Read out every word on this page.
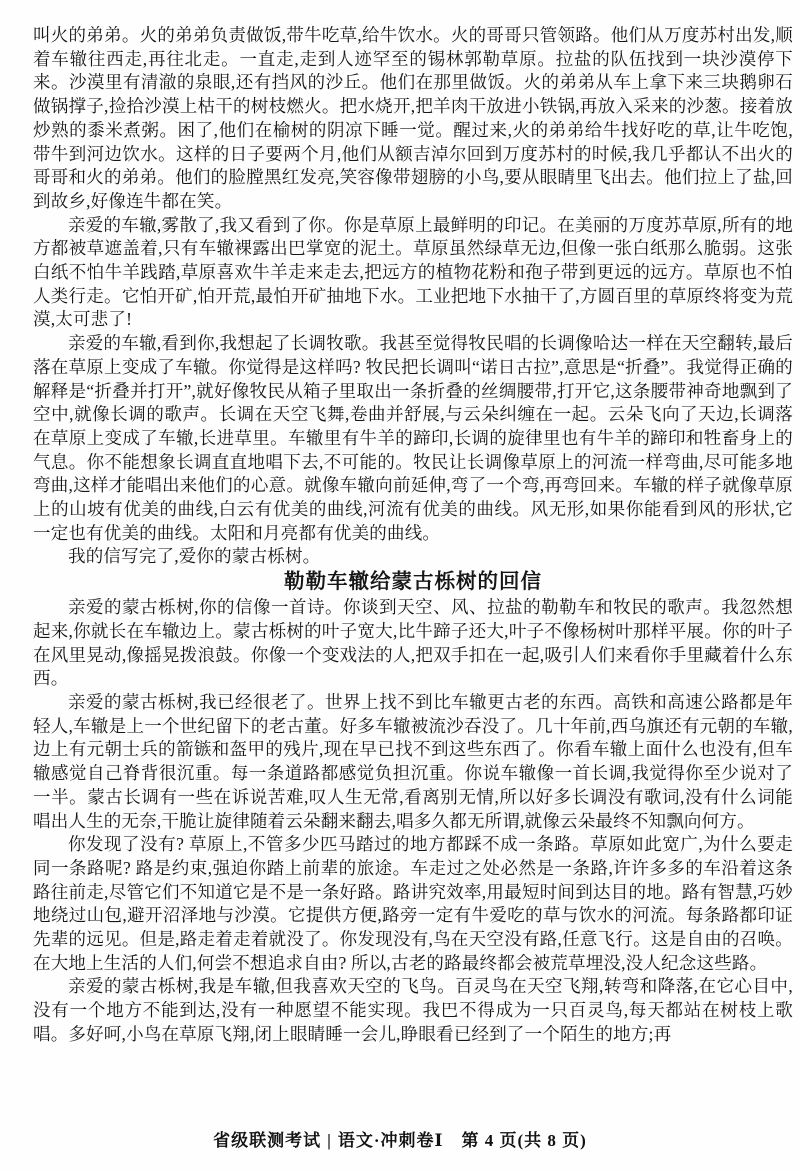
叫火的弟弟。火的弟弟负责做饭,带牛吃草,给牛饮水。火的哥哥只管领路。他们从万度苏村出发,顺着车辙往西走,再往北走。一直走,走到人迹罕至的锡林郭勒草原。拉盐的队伍找到一块沙漠停下来。沙漠里有清澈的泉眼,还有挡风的沙丘。他们在那里做饭。火的弟弟从车上拿下来三块鹅卵石做锅撑子,捡拾沙漠上枯干的树枝燃火。把水烧开,把羊肉干放进小铁锅,再放入采来的沙葱。接着放炒熟的黍米煮粥。困了,他们在榆树的阴凉下睡一觉。醒过来,火的弟弟给牛找好吃的草,让牛吃饱,带牛到河边饮水。这样的日子要两个月,他们从额吉淖尔回到万度苏村的时候,我几乎都认不出火的哥哥和火的弟弟。他们的脸膛黑红发亮,笑容像带翅膀的小鸟,要从眼睛里飞出去。他们拉上了盐,回到故乡,好像连牛都在笑。

亲爱的车辙,雾散了,我又看到了你。你是草原上最鲜明的印记。在美丽的万度苏草原,所有的地方都被草遮盖着,只有车辙裸露出巴掌宽的泥土。草原虽然绿草无边,但像一张白纸那么脆弱。这张白纸不怕牛羊践踏,草原喜欢牛羊走来走去,把远方的植物花粉和孢子带到更远的远方。草原也不怕人类行走。它怕开矿,怕开荒,最怕开矿抽地下水。工业把地下水抽干了,方圆百里的草原终将变为荒漠,太可悲了!

亲爱的车辙,看到你,我想起了长调牧歌。我甚至觉得牧民唱的长调像哈达一样在天空翻转,最后落在草原上变成了车辙。你觉得是这样吗? 牧民把长调叫“诺日古拉”,意思是“折叠”。我觉得正确的解释是“折叠并打开”,就好像牧民从箱子里取出一条折叠的丝绸腰带,打开它,这条腰带神奇地飘到了空中,就像长调的歌声。长调在天空飞舞,卷曲并舒展,与云朵纠缠在一起。云朵飞向了天边,长调落在草原上变成了车辙,长进草里。车辙里有牛羊的蹄印,长调的旋律里也有牛羊的蹄印和牲畜身上的气息。你不能想象长调直直地唱下去,不可能的。牧民让长调像草原上的河流一样弯曲,尽可能多地弯曲,这样才能唱出来他们的心意。就像车辙向前延伸,弯了一个弯,再弯回来。车辙的样子就像草原上的山坡有优美的曲线,白云有优美的曲线,河流有优美的曲线。风无形,如果你能看到风的形状,它一定也有优美的曲线。太阳和月亮都有优美的曲线。

我的信写完了,爱你的蒙古栎树。

勒勒车辙给蒙古栎树的回信

亲爱的蒙古栎树,你的信像一首诗。你谈到天空、风、拉盐的勒勒车和牧民的歌声。我忽然想起来,你就长在车辙边上。蒙古栎树的叶子宽大,比牛蹄子还大,叶子不像杨树叶那样平展。你的叶子在风里晃动,像摇晃拨浪鼓。你像一个变戏法的人,把双手扣在一起,吸引人们来看你手里藏着什么东西。

亲爱的蒙古栎树,我已经很老了。世界上找不到比车辙更古老的东西。高铁和高速公路都是年轻人,车辙是上一个世纪留下的老古董。好多车辙被流沙吞没了。几十年前,西乌旗还有元朝的车辙,边上有元朝士兵的箭镞和盔甲的残片,现在早已找不到这些东西了。你看车辙上面什么也没有,但车辙感觉自己脊背很沉重。每一条道路都感觉负担沉重。你说车辙像一首长调,我觉得你至少说对了一半。蒙古长调有一些在诉说苦难,叹人生无常,看离别无情,所以好多长调没有歌词,没有什么词能唱出人生的无奈,干脆让旋律随着云朵翻来翻去,唱多久都无所谓,就像云朵最终不知飘向何方。

你发现了没有? 草原上,不管多少匹马踏过的地方都踩不成一条路。草原如此宽广,为什么要走同一条路呢? 路是约束,强迫你踏上前辈的旅途。车走过之处必然是一条路,许许多多的车沿着这条路往前走,尽管它们不知道它是不是一条好路。路讲究效率,用最短时间到达目的地。路有智慧,巧妙地绕过山包,避开沼泽地与沙漠。它提供方便,路旁一定有牛爱吃的草与饮水的河流。每条路都印证先辈的远见。但是,路走着走着就没了。你发现没有,鸟在天空没有路,任意飞行。这是自由的召唤。在大地上生活的人们,何尝不想追求自由? 所以,古老的路最终都会被荒草埋没,没人纪念这些路。

亲爱的蒙古栎树,我是车辙,但我喜欢天空的飞鸟。百灵鸟在天空飞翔,转弯和降落,在它心目中,没有一个地方不能到达,没有一种愿望不能实现。我巴不得成为一只百灵鸟,每天都站在树枝上歌唱。多好呵,小鸟在草原飞翔,闭上眼睛睡一会儿,睁眼看已经到了一个陌生的地方;再

省级联测考试 | 语文·冲刺卷Ⅰ 第 4 页(共 8 页)
